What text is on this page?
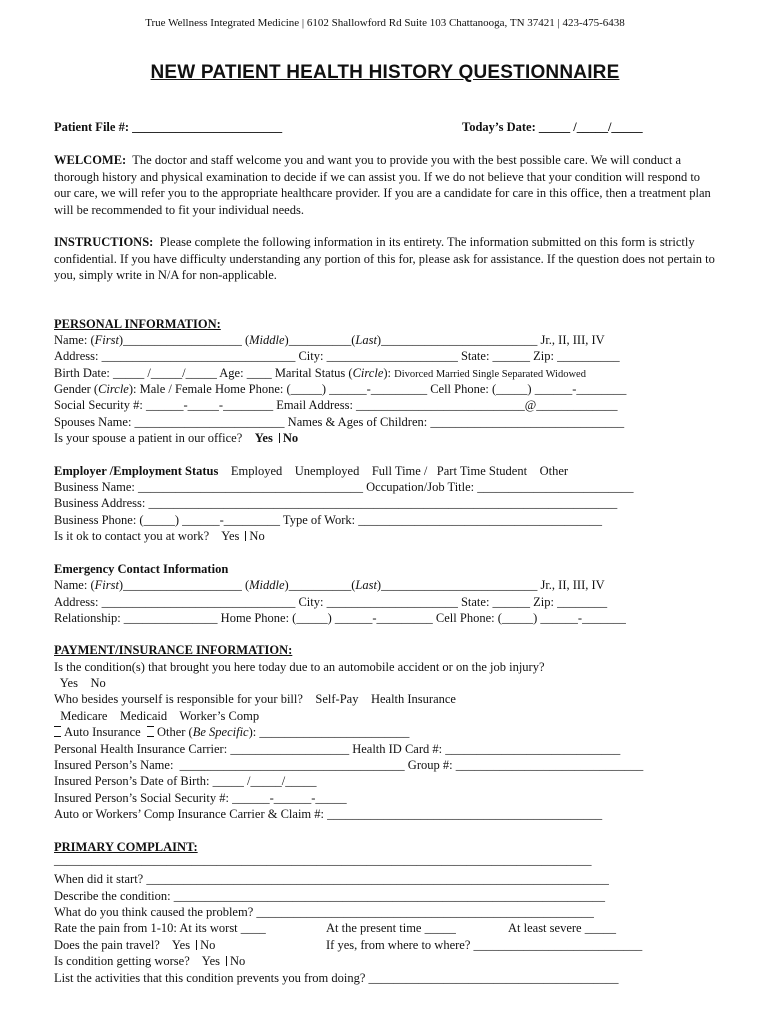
True Wellness Integrated Medicine | 6102 Shallowford Rd Suite 103 Chattanooga, TN 37421 | 423-475-6438
NEW PATIENT HEALTH HISTORY QUESTIONNAIRE
Patient File #: ________________________	Today’s Date: _____ /_____/_____
WELCOME: The doctor and staff welcome you and want you to provide you with the best possible care. We will conduct a thorough history and physical examination to decide if we can assist you. If we do not believe that your condition will respond to our care, we will refer you to the appropriate healthcare provider. If you are a candidate for care in this office, then a treatment plan will be recommended to fit your individual needs.
INSTRUCTIONS: Please complete the following information in its entirety. The information submitted on this form is strictly confidential. If you have difficulty understanding any portion of this for, please ask for assistance. If the question does not pertain to you, simply write in N/A for non-applicable.
PERSONAL INFORMATION:
Name: (First)___________________ (Middle)__________(Last)_________________________ Jr., II, III, IV
Address: _______________________________ City: _____________________ State: ______ Zip: __________
Birth Date: _____ /_____/_____ Age: ____ Marital Status (Circle): Divorced Married Single Separated Widowed
Gender (Circle): Male / Female Home Phone: (_____) ______-_________ Cell Phone: (_____) ______-________
Social Security #: ______-_____-________ Email Address: ___________________________@_____________
Spouses Name: ________________________ Names & Ages of Children: _______________________________
Is your spouse a patient in our office? Yes No
Employer /Employment Status Employed    Unemployed    Full Time /   Part Time Student    Other
Business Name: ____________________________________ Occupation/Job Title: _________________________
Business Address: ___________________________________________________________________________
Business Phone: (_____) ______-_________ Type of Work: _______________________________________
Is it ok to contact you at work? Yes No
Emergency Contact Information
Name: (First)___________________ (Middle)__________(Last)_________________________ Jr., II, III, IV
Address: _______________________________ City: _____________________ State: ______ Zip: ________
Relationship: _______________ Home Phone: (_____) ______-_________ Cell Phone: (_____) ______-_______
PAYMENT/INSURANCE INFORMATION:
Is the condition(s) that brought you here today due to an automobile accident or on the job injury?
Yes    No
Who besides yourself is responsible for your bill?    Self-Pay    Health Insurance
Medicare    Medicaid    Worker’s Comp
Auto Insurance Other (Be Specific): ________________________
Personal Health Insurance Carrier: ___________________ Health ID Card #: ____________________________
Insured Person’s Name:  ____________________________________ Group #: ______________________________
Insured Person’s Date of Birth: _____ /_____/_____
Insured Person’s Social Security #: ______-______-_____
Auto or Workers’ Comp Insurance Carrier & Claim #: ____________________________________________
PRIMARY COMPLAINT:
______________________________________________________________________________________
When did it start? __________________________________________________________________________
Describe the condition: _____________________________________________________________________
What do you think caused the problem? ______________________________________________________
Rate the pain from 1-10: At its worst ____	At the present time _____	At least severe _____
Does the pain travel? Yes No	If yes, from where to where? ___________________________
Is condition getting worse? Yes No
List the activities that this condition prevents you from doing? ________________________________________
